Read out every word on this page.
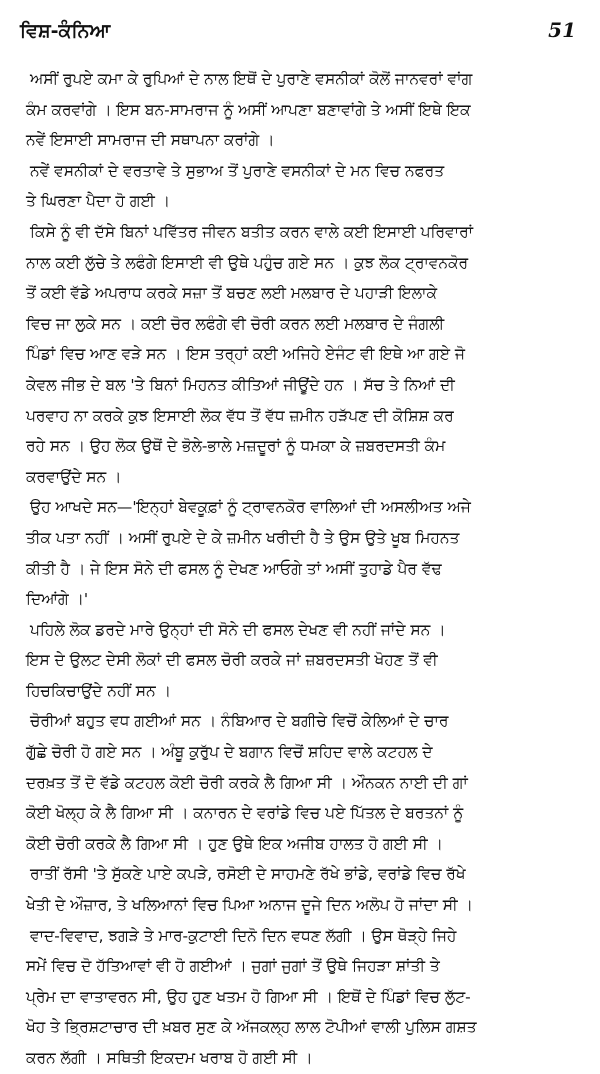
ਵਿਸ਼-ਕੰਨਿਆ	51

ਅਸੀਂ ਰੁਪਏ ਕਮਾ ਕੇ ਰੁਪਿਆਂ ਦੇ ਨਾਲ ਇਥੋਂ ਦੇ ਪੁਰਾਣੇ ਵਸਨੀਕਾਂ ਕੋਲੋਂ ਜਾਨਵਰਾਂ ਵਾਂਗ
ਕੰਮ ਕਰਵਾਂਗੇ । ਇਸ ਬਨ-ਸਾਮਰਾਜ ਨੂੰ ਅਸੀਂ ਆਪਣਾ ਬਣਾਵਾਂਗੇ ਤੇ ਅਸੀਂ ਇਥੇ ਇਕ
ਨਵੇਂ ਇਸਾਈ ਸਾਮਰਾਜ ਦੀ ਸਥਾਪਨਾ ਕਰਾਂਗੇ ।

ਨਵੇਂ ਵਸਨੀਕਾਂ ਦੇ ਵਰਤਾਵੇ ਤੇ ਸੁਭਾਅ ਤੋਂ ਪੁਰਾਣੇ ਵਸਨੀਕਾਂ ਦੇ ਮਨ ਵਿਚ ਨਫਰਤ
ਤੇ ਘਿਰਣਾ ਪੈਦਾ ਹੋ ਗਈ ।

ਕਿਸੇ ਨੂੰ ਵੀ ਦੱਸੇ ਬਿਨਾਂ ਪਵਿੱਤਰ ਜੀਵਨ ਬਤੀਤ ਕਰਨ ਵਾਲੇ ਕਈ ਇਸਾਈ ਪਰਿਵਾਰਾਂ
ਨਾਲ ਕਈ ਲੁੱਚੇ ਤੇ ਲਫੰਗੇ ਇਸਾਈ ਵੀ ਉਥੇ ਪਹੁੰਚ ਗਏ ਸਨ । ਕੁਝ ਲੋਕ ਟ੍ਰਾਵਨਕੋਰ
ਤੋਂ ਕਈ ਵੱਡੇ ਅਪਰਾਧ ਕਰਕੇ ਸਜ਼ਾ ਤੋਂ ਬਚਣ ਲਈ ਮਲਬਾਰ ਦੇ ਪਹਾੜੀ ਇਲਾਕੇ
ਵਿਚ ਜਾ ਲੁਕੇ ਸਨ । ਕਈ ਚੋਰ ਲਫੰਗੇ ਵੀ ਚੋਰੀ ਕਰਨ ਲਈ ਮਲਬਾਰ ਦੇ ਜੰਗਲੀ
ਪਿੰਡਾਂ ਵਿਚ ਆਣ ਵੜੇ ਸਨ । ਇਸ ਤਰ੍ਹਾਂ ਕਈ ਅਜਿਹੇ ਏਜੰਟ ਵੀ ਇਥੇ ਆ ਗਏ ਜੋ
ਕੇਵਲ ਜੀਭ ਦੇ ਬਲ 'ਤੇ ਬਿਨਾਂ ਮਿਹਨਤ ਕੀਤਿਆਂ ਜੀਊਂਦੇ ਹਨ । ਸੱਚ ਤੇ ਨਿਆਂ ਦੀ
ਪਰਵਾਹ ਨਾ ਕਰਕੇ ਕੁਝ ਇਸਾਈ ਲੋਕ ਵੱਧ ਤੋਂ ਵੱਧ ਜ਼ਮੀਨ ਹੜੱਪਣ ਦੀ ਕੋਸ਼ਿਸ਼ ਕਰ
ਰਹੇ ਸਨ । ਉਹ ਲੋਕ ਉਥੋਂ ਦੇ ਭੋਲੇ-ਭਾਲੇ ਮਜ਼ਦੂਰਾਂ ਨੂੰ ਧਮਕਾ ਕੇ ਜ਼ਬਰਦਸਤੀ ਕੰਮ
ਕਰਵਾਉਂਦੇ ਸਨ ।

ਉਹ ਆਖਦੇ ਸਨ—'ਇਨ੍ਹਾਂ ਬੇਵਕੂਫ਼ਾਂ ਨੂੰ ਟ੍ਰਾਵਨਕੋਰ ਵਾਲਿਆਂ ਦੀ ਅਸਲੀਅਤ ਅਜੇ
ਤੀਕ ਪਤਾ ਨਹੀਂ । ਅਸੀਂ ਰੁਪਏ ਦੇ ਕੇ ਜ਼ਮੀਨ ਖਰੀਦੀ ਹੈ ਤੇ ਉਸ ਉਤੇ ਖੂਬ ਮਿਹਨਤ
ਕੀਤੀ ਹੈ । ਜੇ ਇਸ ਸੋਨੇ ਦੀ ਫਸਲ ਨੂੰ ਦੇਖਣ ਆਓਗੇ ਤਾਂ ਅਸੀਂ ਤੁਹਾਡੇ ਪੈਰ ਵੱਢ
ਦਿਆਂਗੇ ।'

ਪਹਿਲੇ ਲੋਕ ਡਰਦੇ ਮਾਰੇ ਉਨ੍ਹਾਂ ਦੀ ਸੋਨੇ ਦੀ ਫਸਲ ਦੇਖਣ ਵੀ ਨਹੀਂ ਜਾਂਦੇ ਸਨ ।
ਇਸ ਦੇ ਉਲਟ ਦੇਸੀ ਲੋਕਾਂ ਦੀ ਫਸਲ ਚੋਰੀ ਕਰਕੇ ਜਾਂ ਜ਼ਬਰਦਸਤੀ ਖੋਹਣ ਤੋਂ ਵੀ
ਹਿਚਕਿਚਾਉਂਦੇ ਨਹੀਂ ਸਨ ।

ਚੋਰੀਆਂ ਬਹੁਤ ਵਧ ਗਈਆਂ ਸਨ । ਨੰਬਿਆਰ ਦੇ ਬਗੀਚੇ ਵਿਚੋਂ ਕੇਲਿਆਂ ਦੇ ਚਾਰ
ਗੁੱਛੇ ਚੋਰੀ ਹੋ ਗਏ ਸਨ । ਅੰਬੂ ਕੁਰੁੱਪ ਦੇ ਬਗਾਨ ਵਿਚੋਂ ਸ਼ਹਿਦ ਵਾਲੇ ਕਟਹਲ ਦੇ
ਦਰਖ਼ਤ ਤੋਂ ਦੋ ਵੱਡੇ ਕਟਹਲ ਕੋਈ ਚੋਰੀ ਕਰਕੇ ਲੈ ਗਿਆ ਸੀ । ਔਨਕਨ ਨਾਈ ਦੀ ਗਾਂ
ਕੋਈ ਖੋਲ੍ਹ ਕੇ ਲੈ ਗਿਆ ਸੀ । ਕਨਾਰਨ ਦੇ ਵਰਾਂਡੇ ਵਿਚ ਪਏ ਪਿੱਤਲ ਦੇ ਬਰਤਨਾਂ ਨੂੰ
ਕੋਈ ਚੋਰੀ ਕਰਕੇ ਲੈ ਗਿਆ ਸੀ । ਹੁਣ ਉਥੇ ਇਕ ਅਜੀਬ ਹਾਲਤ ਹੋ ਗਈ ਸੀ ।

ਰਾਤੀਂ ਰੱਸੀ 'ਤੇ ਸੁੱਕਣੇ ਪਾਏ ਕਪੜੇ, ਰਸੋਈ ਦੇ ਸਾਹਮਣੇ ਰੱਖੇ ਭਾਂਡੇ, ਵਰਾਂਡੇ ਵਿਚ ਰੱਖੇ
ਖੇਤੀ ਦੇ ਔਜ਼ਾਰ, ਤੇ ਖਲਿਆਨਾਂ ਵਿਚ ਪਿਆ ਅਨਾਜ ਦੂਜੇ ਦਿਨ ਅਲੋਪ ਹੋ ਜਾਂਦਾ ਸੀ ।

ਵਾਦ-ਵਿਵਾਦ, ਝਗੜੇ ਤੇ ਮਾਰ-ਕੁਟਾਈ ਦਿਨੋ ਦਿਨ ਵਧਣ ਲੱਗੀ । ਉਸ ਥੋੜ੍ਹੇ ਜਿਹੇ
ਸਮੇਂ ਵਿਚ ਦੋ ਹੱਤਿਆਵਾਂ ਵੀ ਹੋ ਗਈਆਂ । ਜੁਗਾਂ ਜੁਗਾਂ ਤੋਂ ਉਥੇ ਜਿਹੜਾ ਸ਼ਾਂਤੀ ਤੇ
ਪ੍ਰੇਮ ਦਾ ਵਾਤਾਵਰਨ ਸੀ, ਉਹ ਹੁਣ ਖਤਮ ਹੋ ਗਿਆ ਸੀ । ਇਥੋਂ ਦੇ ਪਿੰਡਾਂ ਵਿਚ ਲੁੱਟ-
ਖੋਹ ਤੇ ਭ੍ਰਿਸ਼ਟਾਚਾਰ ਦੀ ਖ਼ਬਰ ਸੁਣ ਕੇ ਅੱਜਕਲ੍ਹ ਲਾਲ ਟੋਪੀਆਂ ਵਾਲੀ ਪੁਲਿਸ ਗਸ਼ਤ
ਕਰਨ ਲੱਗੀ । ਸਥਿਤੀ ਇਕਦਮ ਖਰਾਬ ਹੋ ਗਈ ਸੀ ।
